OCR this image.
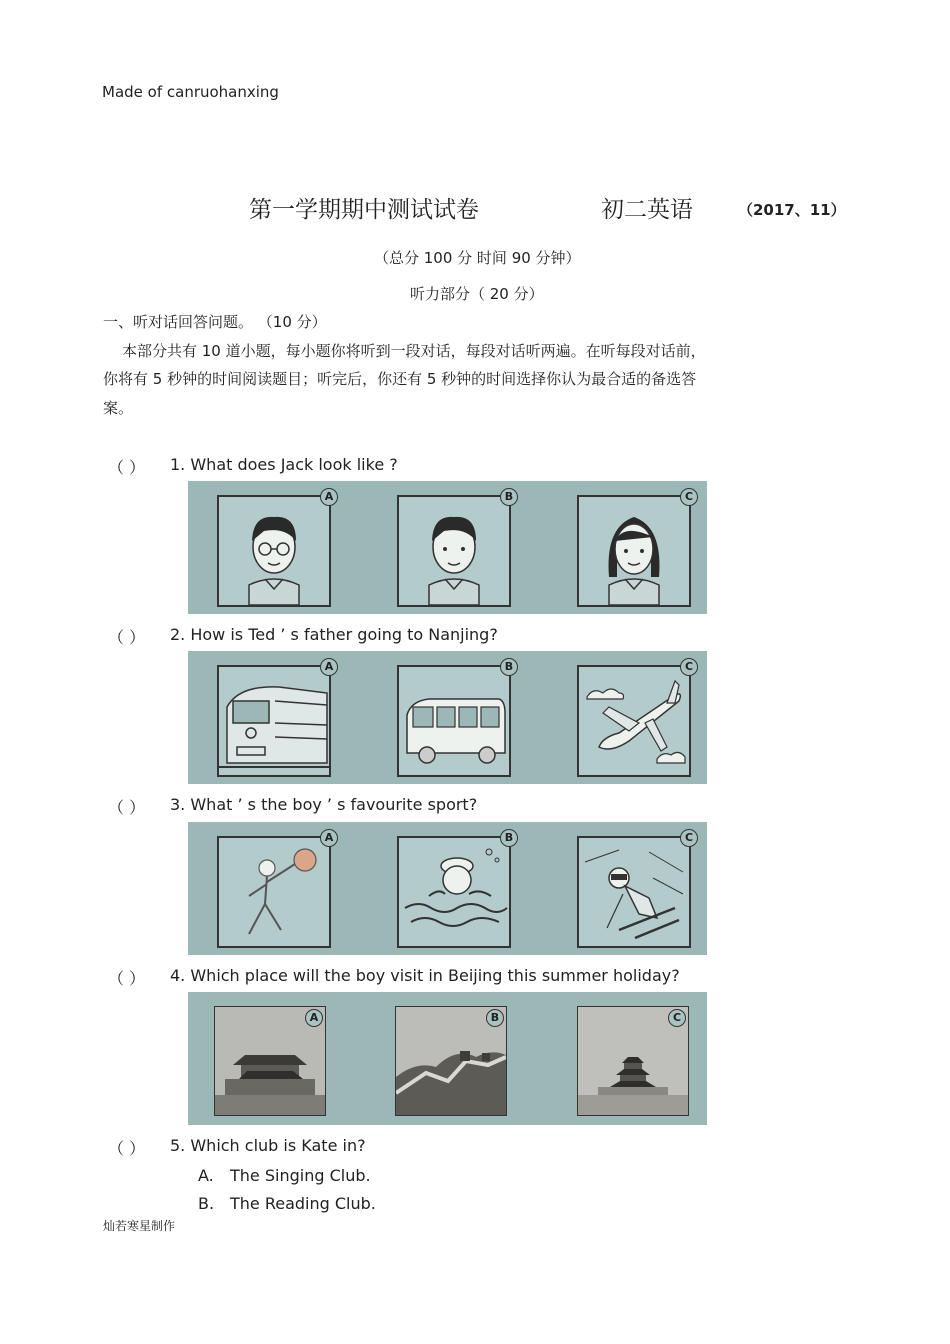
Made of canruohanxing
第一学期期中测试试卷	初二英语	（2017、11）
（总分 100 分 时间 90 分钟）
听力部分（ 20 分）
一、听对话回答问题。 （10 分）
本部分共有 10 道小题，每小题你将听到一段对话，每段对话听两遍。在听每段对话前，
你将有 5 秒钟的时间阅读题目；听完后，你还有 5 秒钟的时间选择你认为最合适的备选答
案。
（ ） 1. What does Jack look like ?
A	B	C
（ ） 2. How is Ted ’ s father going to Nanjing?
A	B	C
（ ） 3. What ’ s the boy ’ s favourite sport?
A	B	C
（ ） 4. Which place will the boy visit in Beijing this summer holiday?
A	B	C
（ ） 5. Which club is Kate in?
A. The Singing Club.
B. The Reading Club.
灿若寒星制作
